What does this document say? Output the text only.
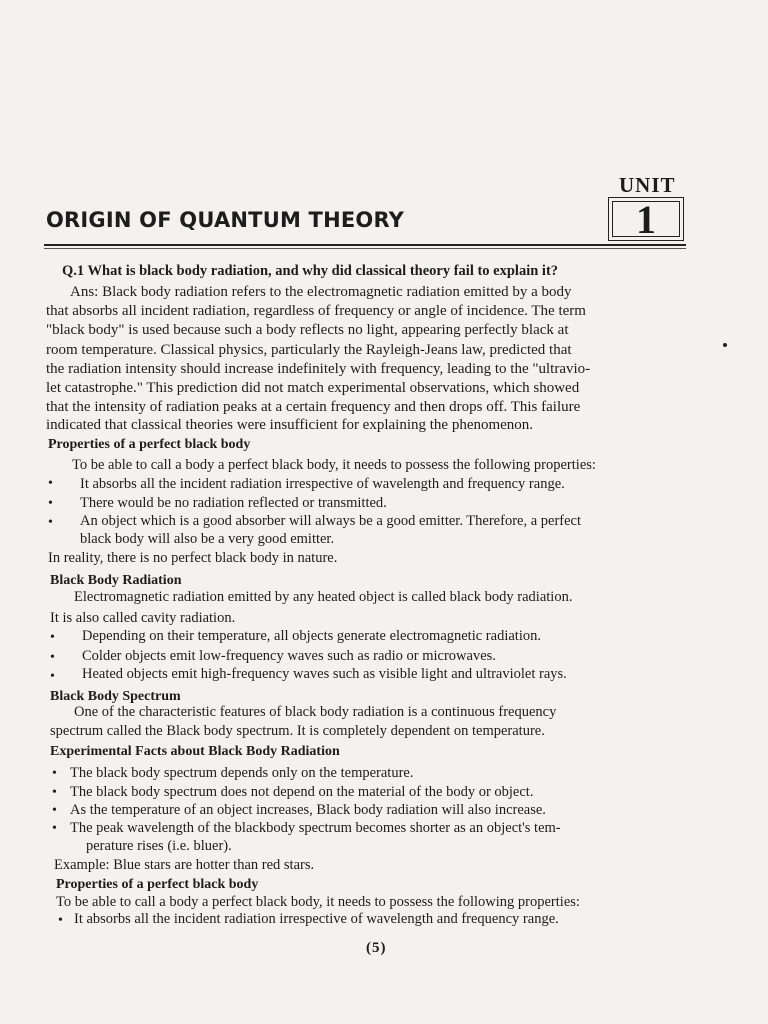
UNIT
1
ORIGIN OF QUANTUM THEORY
Q.1 What is black body radiation, and why did classical theory fail to explain it?
Ans: Black body radiation refers to the electromagnetic radiation emitted by a body
that absorbs all incident radiation, regardless of frequency or angle of incidence. The term
"black body" is used because such a body reflects no light, appearing perfectly black at
room temperature. Classical physics, particularly the Rayleigh-Jeans law, predicted that
the radiation intensity should increase indefinitely with frequency, leading to the "ultravio-
let catastrophe." This prediction did not match experimental observations, which showed
that the intensity of radiation peaks at a certain frequency and then drops off. This failure
indicated that classical theories were insufficient for explaining the phenomenon.
Properties of a perfect black body
To be able to call a body a perfect black body, it needs to possess the following properties:
• It absorbs all the incident radiation irrespective of wavelength and frequency range.
• There would be no radiation reflected or transmitted.
• An object which is a good absorber will always be a good emitter. Therefore, a perfect
black body will also be a very good emitter.
In reality, there is no perfect black body in nature.
Black Body Radiation
Electromagnetic radiation emitted by any heated object is called black body radiation.
It is also called cavity radiation.
• Depending on their temperature, all objects generate electromagnetic radiation.
• Colder objects emit low-frequency waves such as radio or microwaves.
• Heated objects emit high-frequency waves such as visible light and ultraviolet rays.
Black Body Spectrum
One of the characteristic features of black body radiation is a continuous frequency
spectrum called the Black body spectrum. It is completely dependent on temperature.
Experimental Facts about Black Body Radiation
• The black body spectrum depends only on the temperature.
• The black body spectrum does not depend on the material of the body or object.
• As the temperature of an object increases, Black body radiation will also increase.
• The peak wavelength of the blackbody spectrum becomes shorter as an object's tem-
perature rises (i.e. bluer).
Example: Blue stars are hotter than red stars.
Properties of a perfect black body
To be able to call a body a perfect black body, it needs to possess the following properties:
• It absorbs all the incident radiation irrespective of wavelength and frequency range.
(5)
